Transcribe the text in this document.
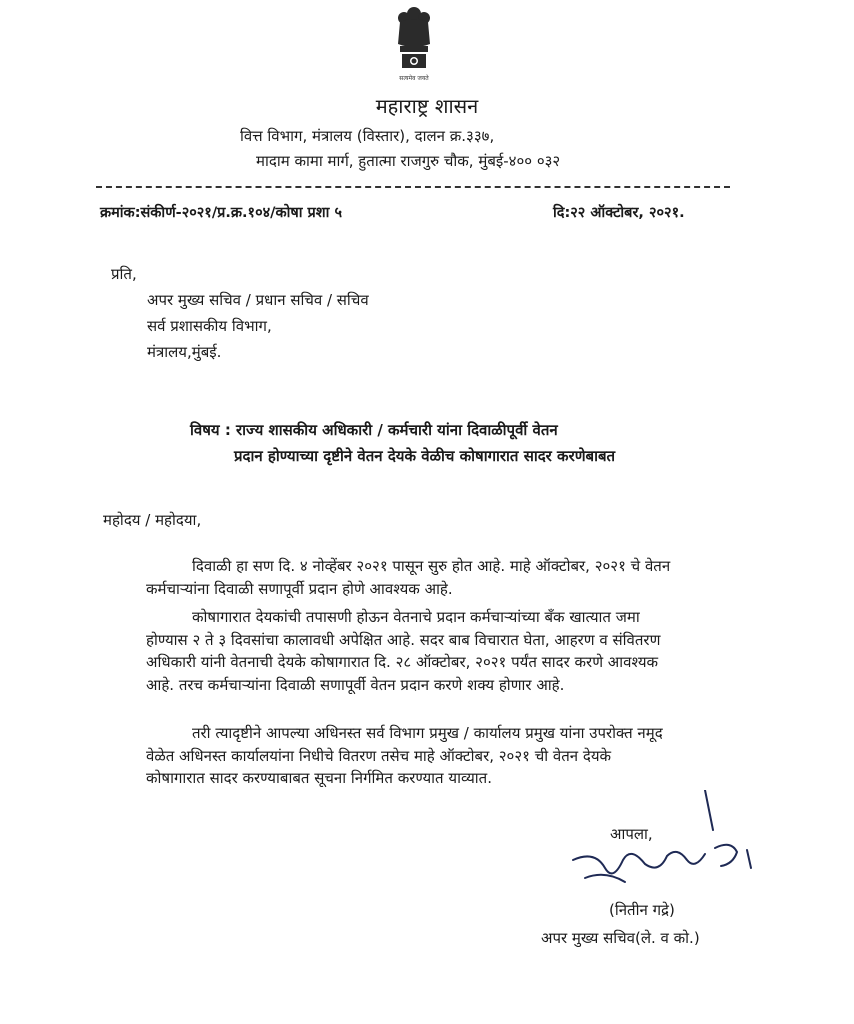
सत्यमेव जयते
महाराष्ट्र शासन
वित्त विभाग, मंत्रालय (विस्तार), दालन क्र.३३७,
मादाम कामा मार्ग, हुतात्मा राजगुरु चौक, मुंबई-४०० ०३२
क्रमांक:संकीर्ण-२०२१/प्र.क्र.१०४/कोषा प्रशा ५	दि:२२ ऑक्टोबर, २०२१.
प्रति,
अपर मुख्य सचिव / प्रधान सचिव / सचिव
सर्व प्रशासकीय विभाग,
मंत्रालय,मुंबई.
विषय : राज्य शासकीय अधिकारी / कर्मचारी यांना दिवाळीपूर्वी वेतन
प्रदान होण्याच्या दृष्टीने वेतन देयके वेळीच कोषागारात सादर करणेबाबत
महोदय / महोदया,
दिवाळी हा सण दि. ४ नोव्हेंबर २०२१ पासून सुरु होत आहे. माहे ऑक्टोबर, २०२१ चे वेतन
कर्मचाऱ्यांना दिवाळी सणापूर्वी प्रदान होणे आवश्यक आहे.
कोषागारात देयकांची तपासणी होऊन वेतनाचे प्रदान कर्मचाऱ्यांच्या बँक खात्यात जमा
होण्यास २ ते ३ दिवसांचा कालावधी अपेक्षित आहे. सदर बाब विचारात घेता, आहरण व संवितरण
अधिकारी यांनी वेतनाची देयके कोषागारात दि. २८ ऑक्टोबर, २०२१ पर्यंत सादर करणे आवश्यक
आहे. तरच कर्मचाऱ्यांना दिवाळी सणापूर्वी वेतन प्रदान करणे शक्य होणार आहे.
तरी त्यादृष्टीने आपल्या अधिनस्त सर्व विभाग प्रमुख / कार्यालय प्रमुख यांना उपरोक्त नमूद
वेळेत अधिनस्त कार्यालयांना निधीचे वितरण तसेच माहे ऑक्टोबर, २०२१ ची वेतन देयके
कोषागारात सादर करण्याबाबत सूचना निर्गमित करण्यात याव्यात.
आपला,
(नितीन गद्रे)
अपर मुख्य सचिव(ले. व को.)
